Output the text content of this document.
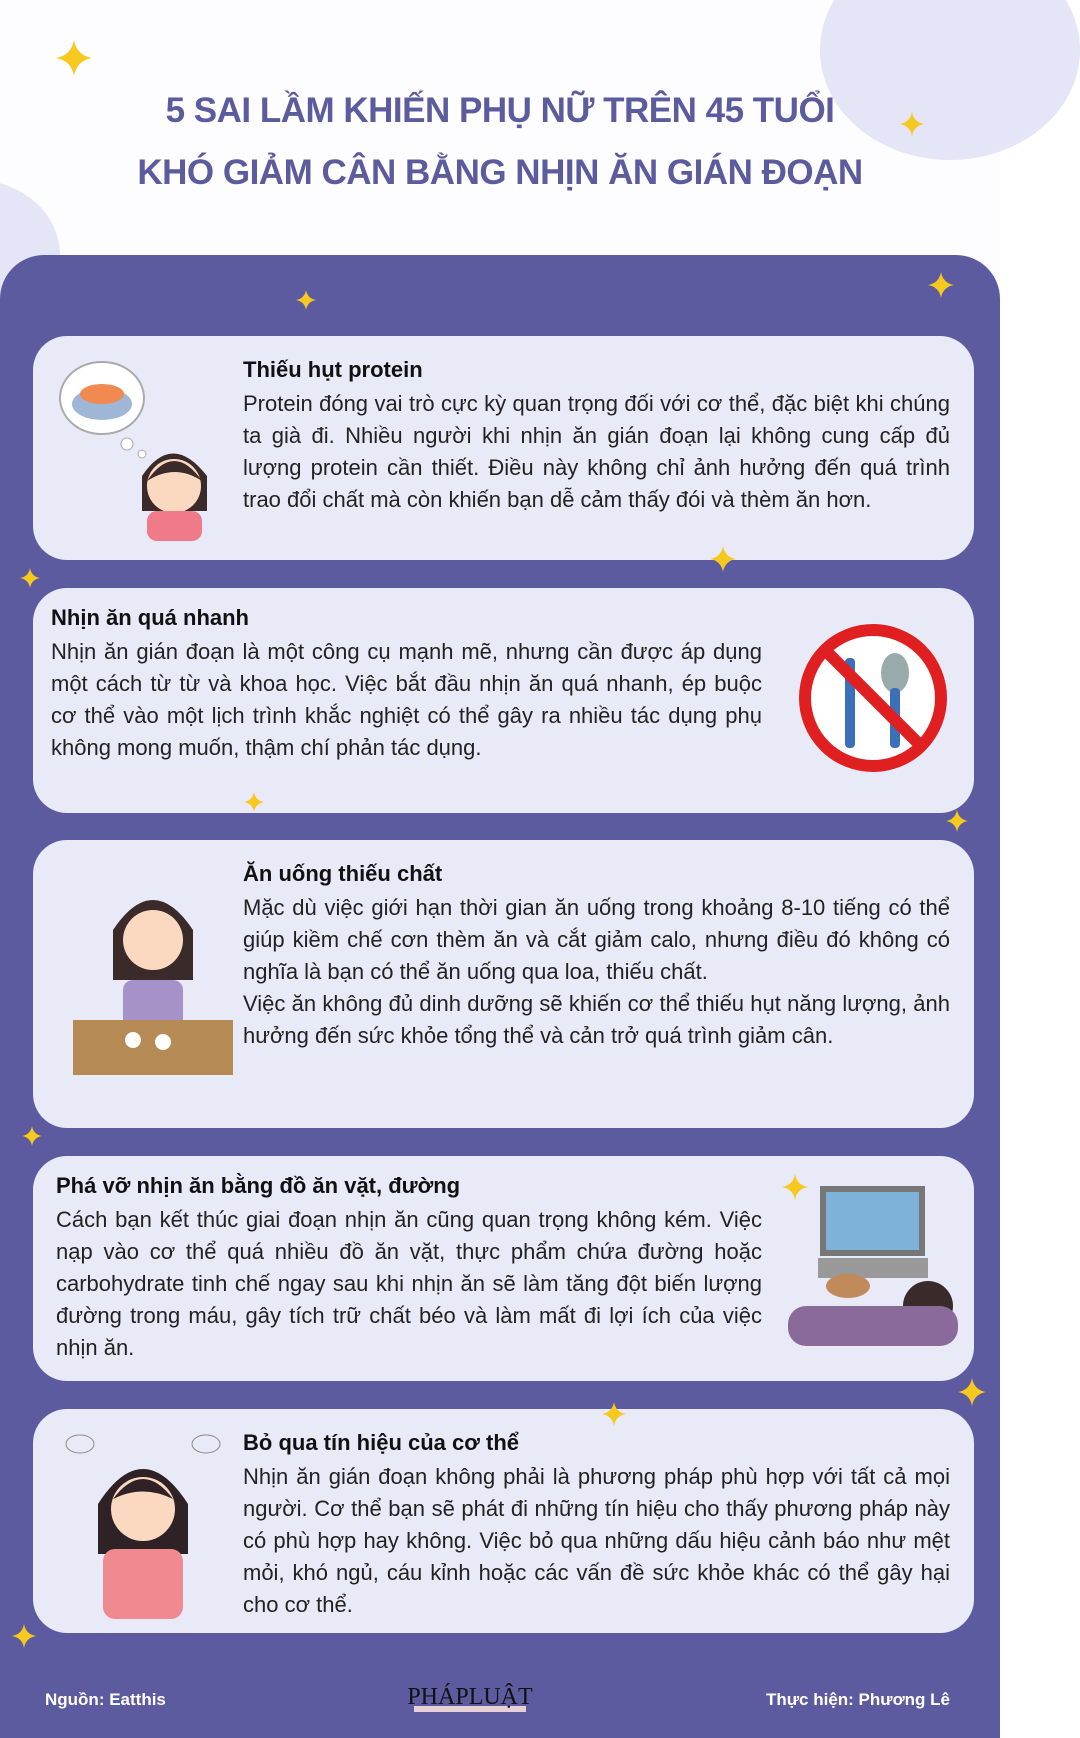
5 SAI LẦM KHIẾN PHỤ NỮ TRÊN 45 TUỔI
KHÓ GIẢM CÂN BẰNG NHỊN ĂN GIÁN ĐOẠN
Thiếu hụt protein

Protein đóng vai trò cực kỳ quan trọng đối với cơ thể, đặc biệt khi chúng ta già đi. Nhiều người khi nhịn ăn gián đoạn lại không cung cấp đủ lượng protein cần thiết. Điều này không chỉ ảnh hưởng đến quá trình trao đổi chất mà còn khiến bạn dễ cảm thấy đói và thèm ăn hơn.

Nhịn ăn quá nhanh

Nhịn ăn gián đoạn là một công cụ mạnh mẽ, nhưng cần được áp dụng một cách từ từ và khoa học. Việc bắt đầu nhịn ăn quá nhanh, ép buộc cơ thể vào một lịch trình khắc nghiệt có thể gây ra nhiều tác dụng phụ không mong muốn, thậm chí phản tác dụng.

Ăn uống thiếu chất

Mặc dù việc giới hạn thời gian ăn uống trong khoảng 8-10 tiếng có thể giúp kiềm chế cơn thèm ăn và cắt giảm calo, nhưng điều đó không có nghĩa là bạn có thể ăn uống qua loa, thiếu chất.

Việc ăn không đủ dinh dưỡng sẽ khiến cơ thể thiếu hụt năng lượng, ảnh hưởng đến sức khỏe tổng thể và cản trở quá trình giảm cân.

Phá vỡ nhịn ăn bằng đồ ăn vặt, đường

Cách bạn kết thúc giai đoạn nhịn ăn cũng quan trọng không kém. Việc nạp vào cơ thể quá nhiều đồ ăn vặt, thực phẩm chứa đường hoặc carbohydrate tinh chế ngay sau khi nhịn ăn sẽ làm tăng đột biến lượng đường trong máu, gây tích trữ chất béo và làm mất đi lợi ích của việc nhịn ăn.

Bỏ qua tín hiệu của cơ thể

Nhịn ăn gián đoạn không phải là phương pháp phù hợp với tất cả mọi người. Cơ thể bạn sẽ phát đi những tín hiệu cho thấy phương pháp này có phù hợp hay không. Việc bỏ qua những dấu hiệu cảnh báo như mệt mỏi, khó ngủ, cáu kỉnh hoặc các vấn đề sức khỏe khác có thể gây hại cho cơ thể.

Nguồn: Eatthis	PHÁPLUẬT	Thực hiện: Phương Lê
